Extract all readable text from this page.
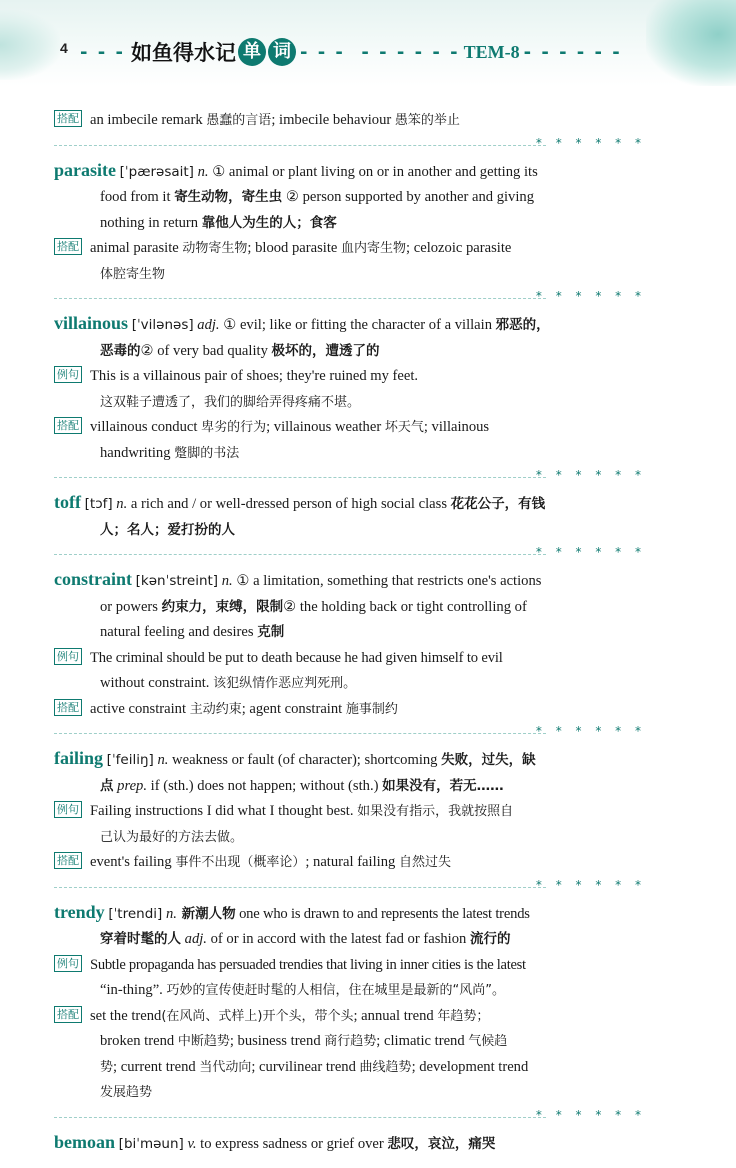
4 - - - 如鱼得水记 单 词 - - -  - - - - - - TEM-8 - - - - - -
搭配 an imbecile remark 愚蠢的言语; imbecile behaviour 愚笨的举止
* * * * * *
parasite [ˈpærəsait] n. ① animal or plant living on or in another and getting its
food from it 寄生动物，寄生虫 ② person supported by another and giving
nothing in return 靠他人为生的人；食客
搭配 animal parasite 动物寄生物; blood parasite 血内寄生物; celozoic parasite
体腔寄生物
* * * * * *
villainous [ˈvilənəs] adj. ① evil; like or fitting the character of a villain 邪恶的，
恶毒的② of very bad quality 极坏的，遭透了的
例句 This is a villainous pair of shoes; they're ruined my feet.
这双鞋子遭透了，我们的脚给弄得疼痛不堪。
搭配 villainous conduct 卑劣的行为; villainous weather 坏天气; villainous
handwriting 蹩脚的书法
* * * * * *
toff [tɔf] n. a rich and / or well-dressed person of high social class 花花公子，有钱
人；名人；爱打扮的人
* * * * * *
constraint [kənˈstreint] n. ① a limitation, something that restricts one's actions
or powers 约束力，束缚，限制② the holding back or tight controlling of
natural feeling and desires 克制
例句 The criminal should be put to death because he had given himself to evil
without constraint. 该犯纵情作恶应判死刑。
搭配 active constraint 主动约束; agent constraint 施事制约
* * * * * *
failing [ˈfeiliŋ] n. weakness or fault (of character); shortcoming 失败，过失，缺
点 prep. if (sth.) does not happen; without (sth.) 如果没有，若无……
例句 Failing instructions I did what I thought best. 如果没有指示，我就按照自
己认为最好的方法去做。
搭配 event's failing 事件不出现（概率论）; natural failing 自然过失
* * * * * *
trendy [ˈtrendi] n. 新潮人物 one who is drawn to and represents the latest trends
穿着时髦的人 adj. of or in accord with the latest fad or fashion 流行的
例句 Subtle propaganda has persuaded trendies that living in inner cities is the latest
“in-thing”. 巧妙的宣传使赶时髦的人相信，住在城里是最新的“风尚”。
搭配 set the trend(在风尚、式样上)开个头，带个头; annual trend 年趋势；
broken trend 中断趋势; business trend 商行趋势; climatic trend 气候趋
势; current trend 当代动向; curvilinear trend 曲线趋势; development trend
发展趋势
* * * * * *
bemoan [biˈməun] v. to express sadness or grief over 悲叹，哀泣，痛哭
